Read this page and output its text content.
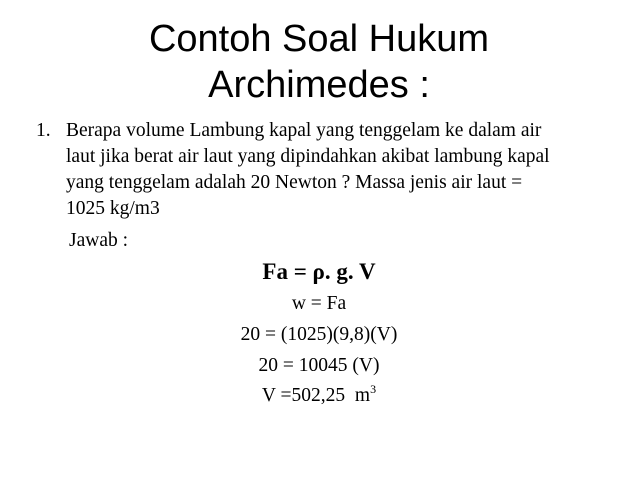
Contoh Soal Hukum
Archimedes :
1. Berapa volume Lambung kapal yang tenggelam ke dalam air
laut jika berat air laut yang dipindahkan akibat lambung kapal
yang tenggelam adalah 20 Newton ? Massa jenis air laut =
1025 kg/m3
Jawab :
Fa = ρ. g. V
w = Fa
20 = (1025)(9,8)(V)
20 = 10045 (V)
V =502,25  $m^3$
